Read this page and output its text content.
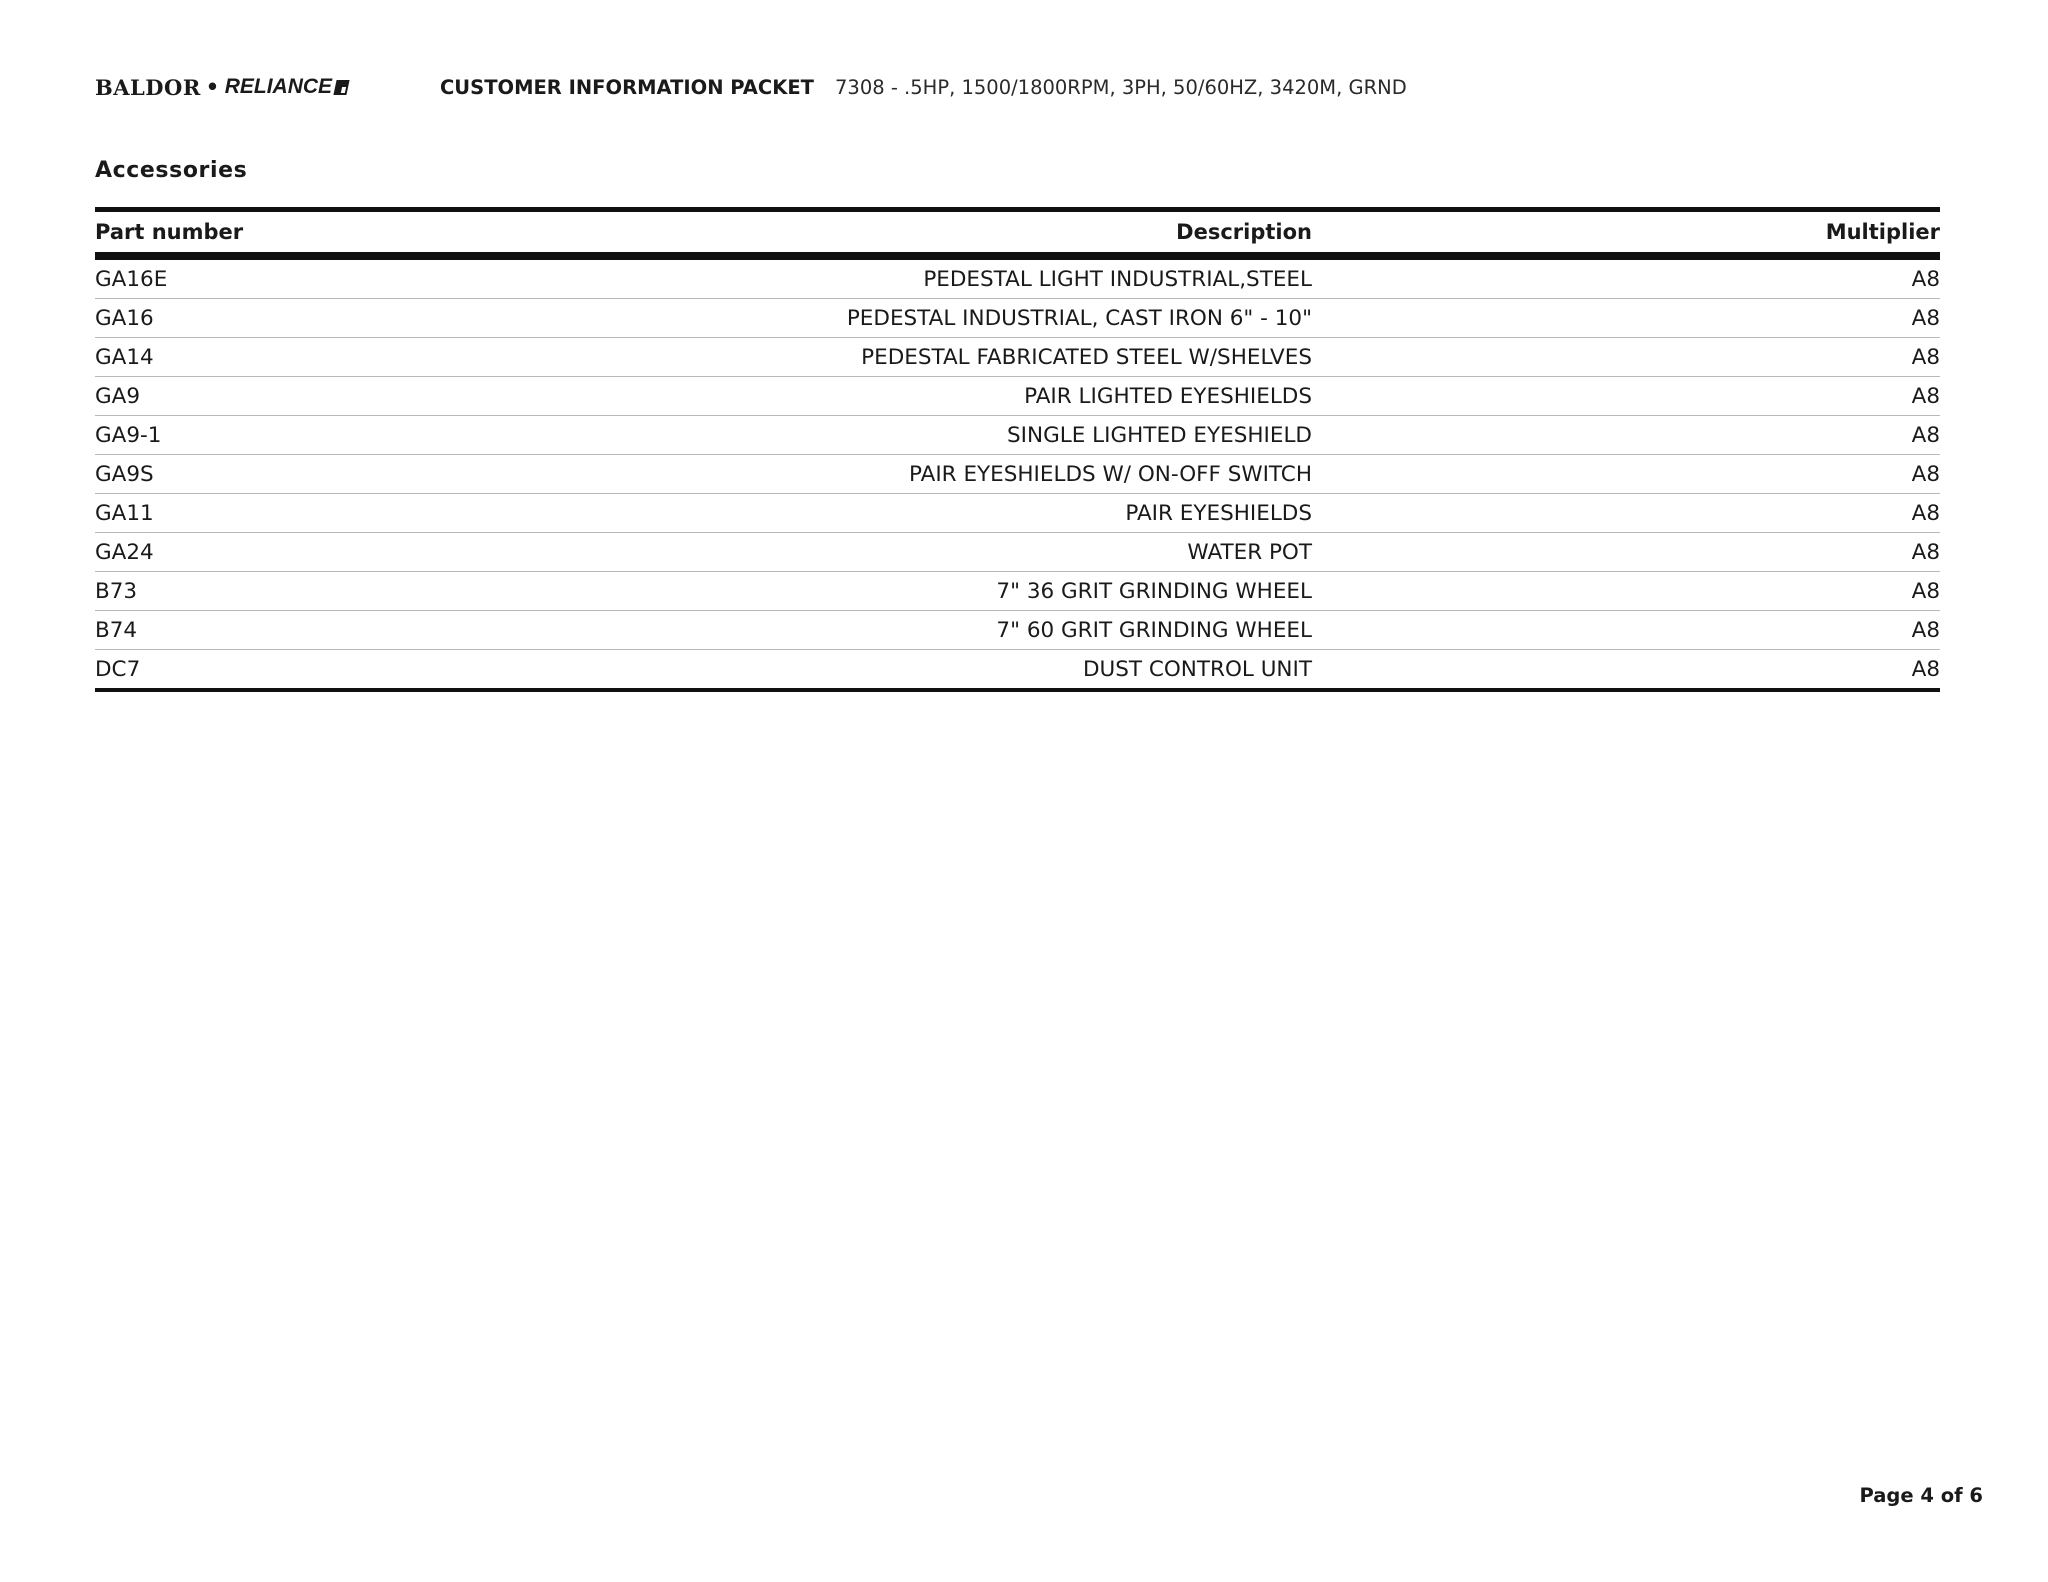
BALDOR • RELIANCE	CUSTOMER INFORMATION PACKET	7308 - .5HP, 1500/1800RPM, 3PH, 50/60HZ, 3420M, GRND
Accessories
Part number	Description	Multiplier
GA16E	PEDESTAL LIGHT INDUSTRIAL,STEEL	A8
GA16	PEDESTAL INDUSTRIAL, CAST IRON 6" - 10"	A8
GA14	PEDESTAL FABRICATED STEEL W/SHELVES	A8
GA9	PAIR LIGHTED EYESHIELDS	A8
GA9-1	SINGLE LIGHTED EYESHIELD	A8
GA9S	PAIR EYESHIELDS W/ ON-OFF SWITCH	A8
GA11	PAIR EYESHIELDS	A8
GA24	WATER POT	A8
B73	7" 36 GRIT GRINDING WHEEL	A8
B74	7" 60 GRIT GRINDING WHEEL	A8
DC7	DUST CONTROL UNIT	A8
Page 4 of 6
